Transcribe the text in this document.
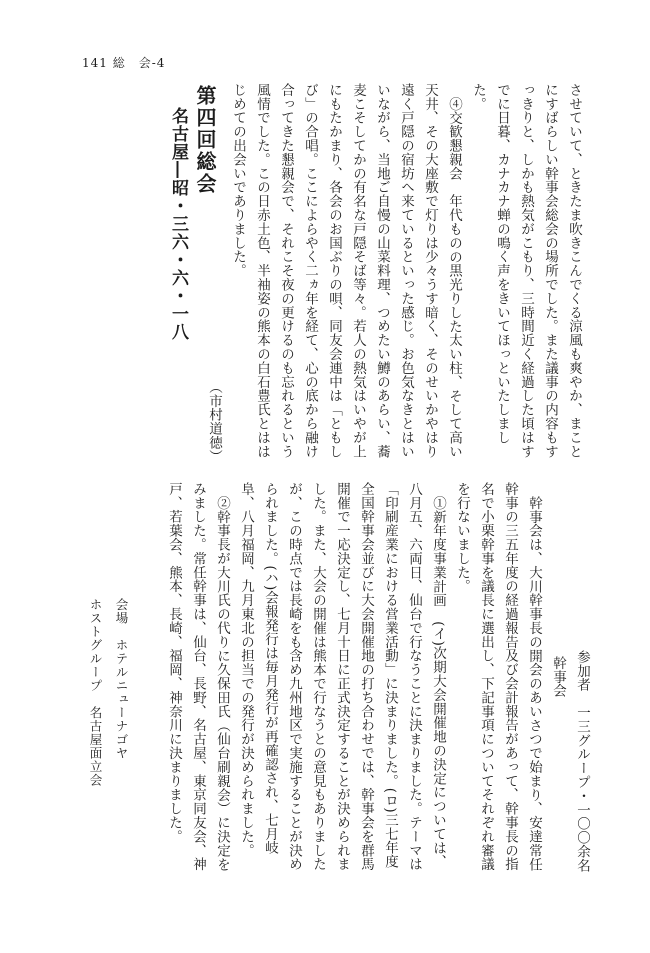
141 総　会-4

させていて、ときたま吹きこんでくる涼風も爽やか、まことにすばらしい幹事会総会の場所でした。また議事の内容もすっきりと、しかも熱気がこもり、三時間近く経過した頃はすでに日暮、カナカナ蝉の鳴く声をきいてほっといたしました。

④交歓懇親会　年代ものの黒光りした太い柱、そして高い天井、その大座敷で灯りは少々うす暗く、そのせいかやはり遠く戸隠の宿坊へ来ているといった感じ。お色気なきとはいいながら、当地ご自慢の山菜料理、つめたい鱒のあらい、蕎麦こそしてかの有名な戸隠そば等々。若人の熱気はいやが上にもたかまり、各会のお国ぶりの唄、同友会連中は「ともしび」の合唱。ここによらやく二ヵ年を経て、心の底から融け合ってきた懇親会で、それこそ夜の更けるのも忘れるという風情でした。この日赤土色、半袖姿の熊本の白石豊氏とははじめての出会いでありました。

（市村道徳）

第四回総会
名古屋―昭・三六・六・一八
会場　ホテルニューナゴヤ
ホストグループ　名古屋面立会	参加者　一三グループ・一〇〇余名

幹事会

幹事会は、大川幹事長の開会のあいさつで始まり、安達常任幹事の三五年度の経過報告及び会計報告があって、幹事長の指名で小栗幹事を議長に選出し、下記事項についてそれぞれ審議を行ないました。

①新年度事業計画　(イ)次期大会開催地の決定については、八月五、六両日、仙台で行なうことに決まりました。テーマは「印刷産業における営業活動」に決まりました。(ロ)三七年度全国幹事会並びに大会開催地の打ち合わせでは、幹事会を群馬開催で一応決定し、七月十日に正式決定することが決められました。また、大会の開催は熊本で行なうとの意見もありましたが、この時点では長崎をも含め九州地区で実施することが決められました。(ハ)会報発行は毎月発行が再確認され、七月岐阜、八月福岡、九月東北の担当での発行が決められました。

②幹事長が大川氏の代りに久保田氏（仙台刷親会）に決定をみました。常任幹事は、仙台、長野、名古屋、東京同友会、神戸、若葉会、熊本、長崎、福岡、神奈川に決まりました。
